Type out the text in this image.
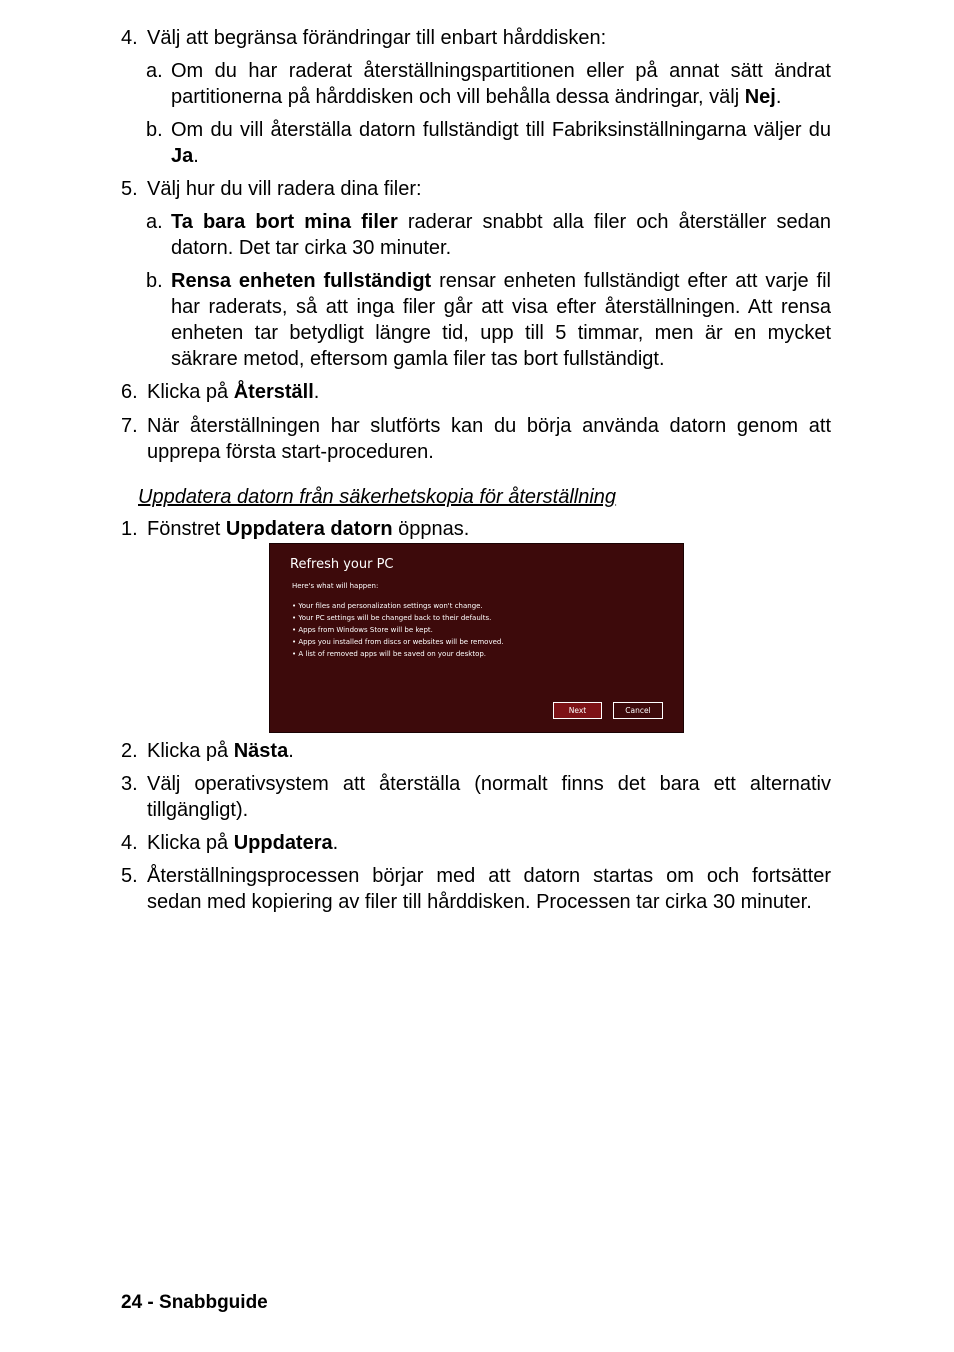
4. Välj att begränsa förändringar till enbart hårddisken:
a. Om du har raderat återställningspartitionen eller på annat sätt ändrat partitionerna på hårddisken och vill behålla dessa ändringar, välj Nej.
b. Om du vill återställa datorn fullständigt till Fabriksinställningarna väljer du Ja.
5. Välj hur du vill radera dina filer:
a. Ta bara bort mina filer raderar snabbt alla filer och återställer sedan datorn. Det tar cirka 30 minuter.
b. Rensa enheten fullständigt rensar enheten fullständigt efter att varje fil har raderats, så att inga filer går att visa efter återställningen. Att rensa enheten tar betydligt längre tid, upp till 5 timmar, men är en mycket säkrare metod, eftersom gamla filer tas bort fullständigt.
6. Klicka på Återställ.
7. När återställningen har slutförts kan du börja använda datorn genom att upprepa första start-proceduren.
Uppdatera datorn från säkerhetskopia för återställning
1. Fönstret Uppdatera datorn öppnas.
Refresh your PC
Here's what will happen:
• Your files and personalization settings won't change.
• Your PC settings will be changed back to their defaults.
• Apps from Windows Store will be kept.
• Apps you installed from discs or websites will be removed.
• A list of removed apps will be saved on your desktop.
Next	Cancel
2. Klicka på Nästa.
3. Välj operativsystem att återställa (normalt finns det bara ett alternativ tillgängligt).
4. Klicka på Uppdatera.
5. Återställningsprocessen börjar med att datorn startas om och fortsätter sedan med kopiering av filer till hårddisken. Processen tar cirka 30 minuter.
24 - Snabbguide
